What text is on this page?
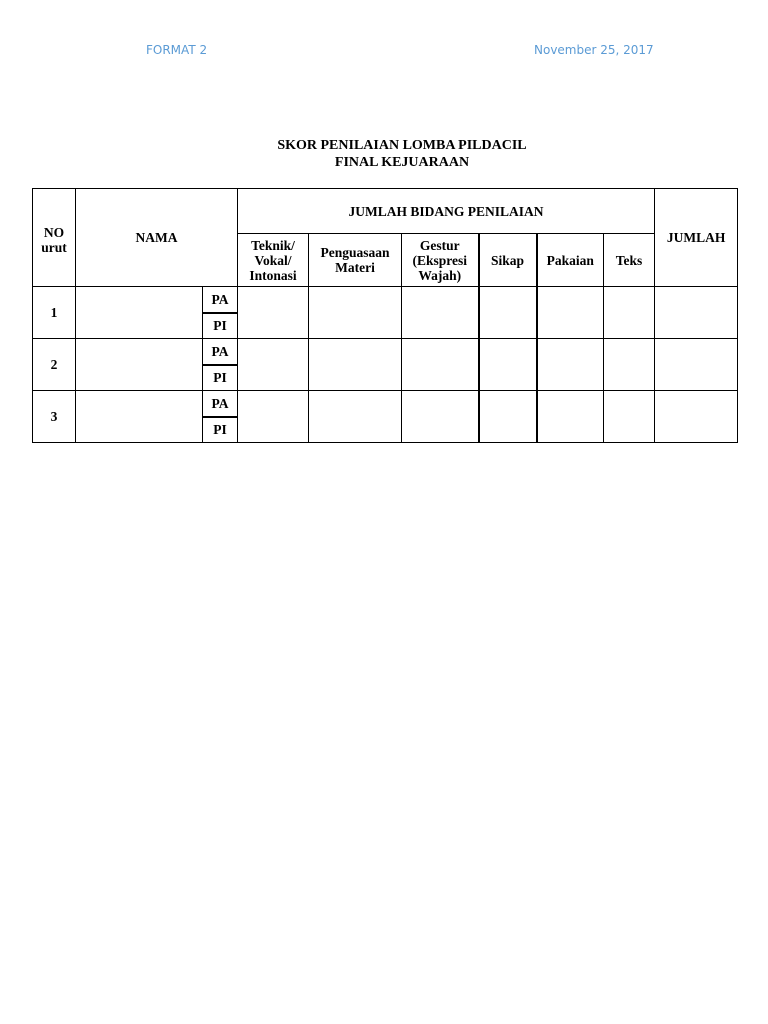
FORMAT 2	November 25, 2017
SKOR PENILAIAN LOMBA PILDACIL
FINAL KEJUARAAN
NO urut	NAMA		JUMLAH BIDANG PENILAIAN						JUMLAH
			Teknik/ Vokal/ Intonasi	Penguasaan Materi	Gestur (Ekspresi Wajah)	Sikap	Pakaian	Teks	
1		PA							
		PI							
2		PA							
		PI							
3		PA							
		PI							
